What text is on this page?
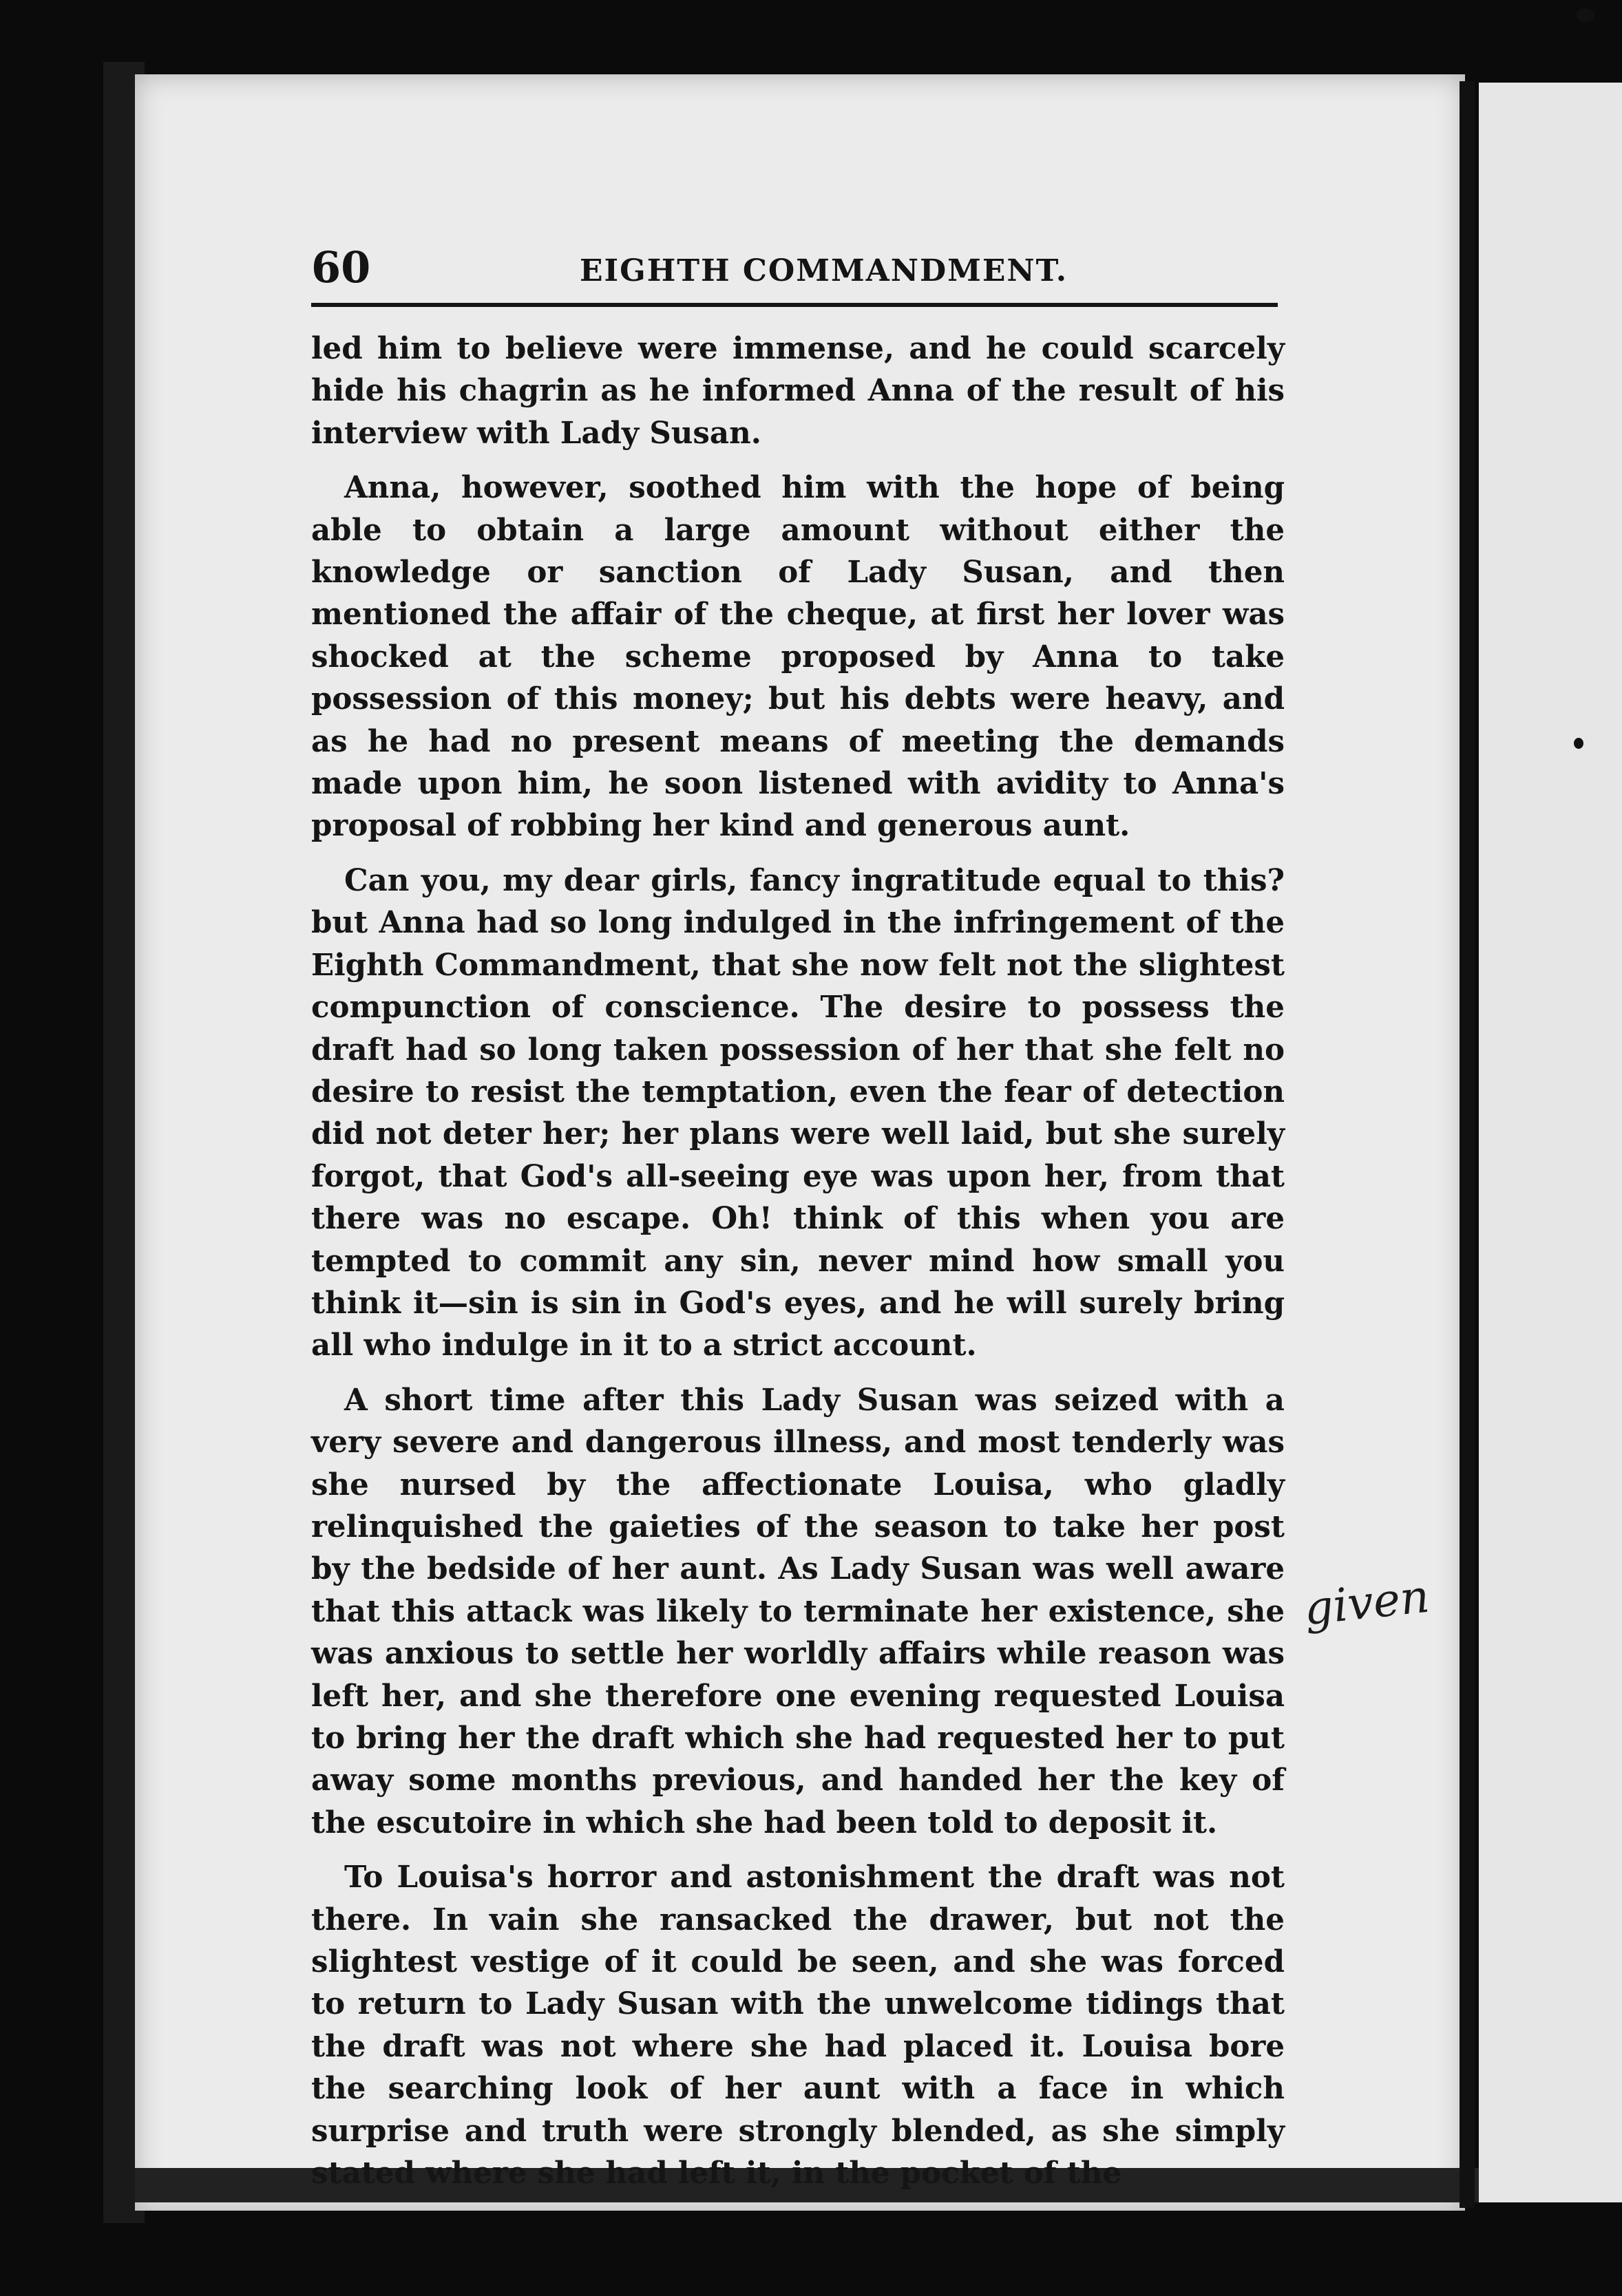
60	EIGHTH COMMANDMENT.

led him to believe were immense, and he could scarcely hide his chagrin as he informed Anna of the result of his interview with Lady Susan.

Anna, however, soothed him with the hope of being able to obtain a large amount without either the knowledge or sanction of Lady Susan, and then mentioned the affair of the cheque, at first her lover was shocked at the scheme proposed by Anna to take possession of this money; but his debts were heavy, and as he had no present means of meeting the demands made upon him, he soon listened with avidity to Anna's proposal of robbing her kind and generous aunt.

Can you, my dear girls, fancy ingratitude equal to this? but Anna had so long indulged in the infringement of the Eighth Commandment, that she now felt not the slightest compunction of conscience. The desire to possess the draft had so long taken possession of her that she felt no desire to resist the temptation, even the fear of detection did not deter her; her plans were well laid, but she surely forgot, that God's all-seeing eye was upon her, from that there was no escape. Oh! think of this when you are tempted to commit any sin, never mind how small you think it—sin is sin in God's eyes, and he will surely bring all who indulge in it to a strict account.

A short time after this Lady Susan was seized with a very severe and dangerous illness, and most tenderly was she nursed by the affectionate Louisa, who gladly relinquished the gaieties of the season to take her post by the bedside of her aunt. As Lady Susan was well aware that this attack was likely to terminate her existence, she was anxious to settle her worldly affairs while reason was left her, and she therefore one evening requested Louisa to bring her the draft which she had requested her to put away some months previous, and handed her the key of the escutoire in which she had been told to deposit it.

To Louisa's horror and astonishment the draft was not there. In vain she ransacked the drawer, but not the slightest vestige of it could be seen, and she was forced to return to Lady Susan with the unwelcome tidings that the draft was not where she had placed it. Louisa bore the searching look of her aunt with a face in which surprise and truth were strongly blended, as she simply stated where she had left it, in the pocket of the

given
